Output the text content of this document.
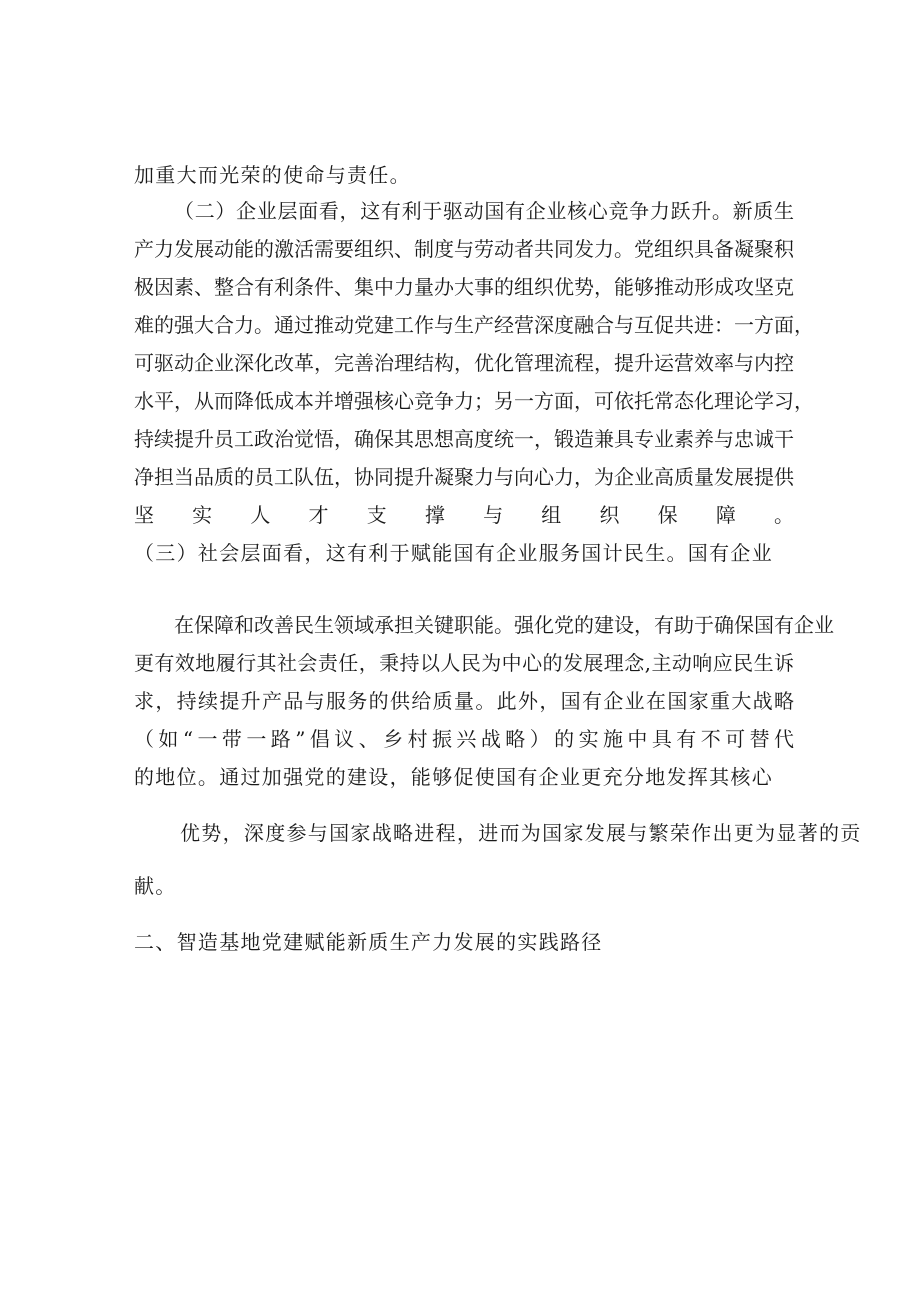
加重大而光荣的使命与责任。

（二）企业层面看，这有利于驱动国有企业核心竞争力跃升。新质生

产力发展动能的激活需要组织、制度与劳动者共同发力。党组织具备凝聚积

极因素、整合有利条件、集中力量办大事的组织优势，能够推动形成攻坚克

难的强大合力。通过推动党建工作与生产经营深度融合与互促共进：一方面，

可驱动企业深化改革，完善治理结构，优化管理流程，提升运营效率与内控

水平，从而降低成本并增强核心竞争力；另一方面，可依托常态化理论学习，

持续提升员工政治觉悟，确保其思想高度统一，锻造兼具专业素养与忠诚干

净担当品质的员工队伍，协同提升凝聚力与向心力，为企业高质量发展提供

坚实人才支撑与组织保障。

（三）社会层面看，这有利于赋能国有企业服务国计民生。国有企业

在保障和改善民生领域承担关键职能。强化党的建设，有助于确保国有企业

更有效地履行其社会责任，秉持以人民为中心的发展理念,主动响应民生诉

求，持续提升产品与服务的供给质量。此外，国有企业在国家重大战略

（如“一带一路”倡议、乡村振兴战略）的实施中具有不可替代

的地位。通过加强党的建设，能够促使国有企业更充分地发挥其核心

优势，深度参与国家战略进程，进而为国家发展与繁荣作出更为显著的贡

献。

二、智造基地党建赋能新质生产力发展的实践路径
